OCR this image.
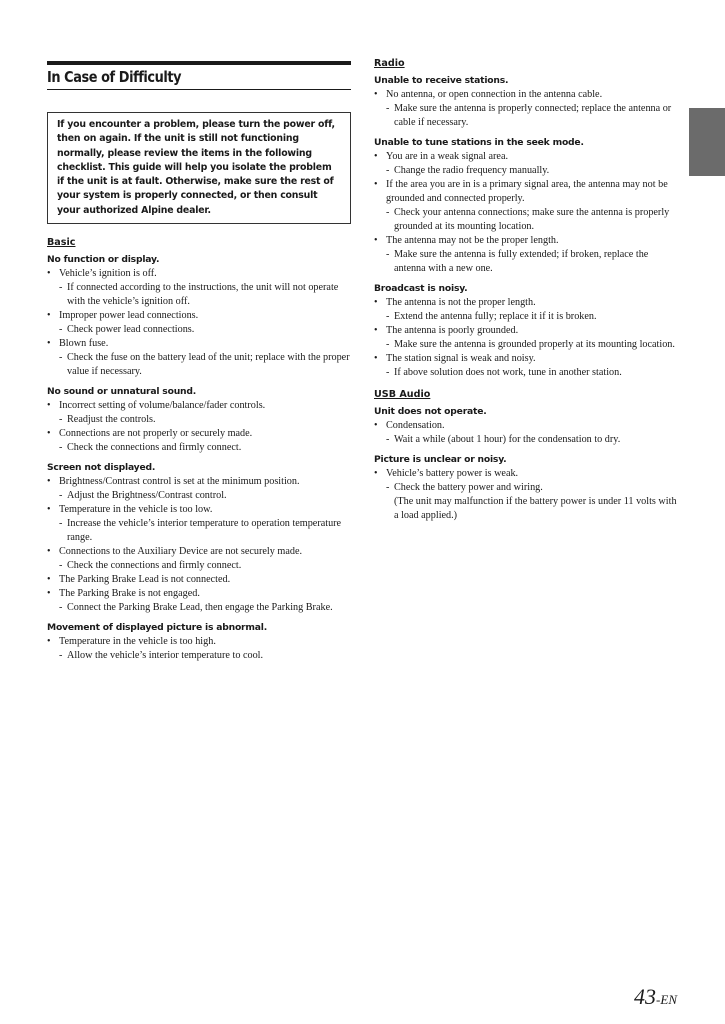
In Case of Difficulty

If you encounter a problem, please turn the power off, then on again. If the unit is still not functioning normally, please review the items in the following checklist. This guide will help you isolate the problem if the unit is at fault. Otherwise, make sure the rest of your system is properly connected, or then consult your authorized Alpine dealer.

Basic
No function or display.
• Vehicle’s ignition is off.
- If connected according to the instructions, the unit will not operate with the vehicle’s ignition off.
• Improper power lead connections.
- Check power lead connections.
• Blown fuse.
- Check the fuse on the battery lead of the unit; replace with the proper value if necessary.
No sound or unnatural sound.
• Incorrect setting of volume/balance/fader controls.
- Readjust the controls.
• Connections are not properly or securely made.
- Check the connections and firmly connect.
Screen not displayed.
• Brightness/Contrast control is set at the minimum position.
- Adjust the Brightness/Contrast control.
• Temperature in the vehicle is too low.
- Increase the vehicle’s interior temperature to operation temperature range.
• Connections to the Auxiliary Device are not securely made.
- Check the connections and firmly connect.
• The Parking Brake Lead is not connected.
• The Parking Brake is not engaged.
- Connect the Parking Brake Lead, then engage the Parking Brake.
Movement of displayed picture is abnormal.
• Temperature in the vehicle is too high.
- Allow the vehicle’s interior temperature to cool.
Radio
Unable to receive stations.
• No antenna, or open connection in the antenna cable.
- Make sure the antenna is properly connected; replace the antenna or cable if necessary.
Unable to tune stations in the seek mode.
• You are in a weak signal area.
- Change the radio frequency manually.
• If the area you are in is a primary signal area, the antenna may not be grounded and connected properly.
- Check your antenna connections; make sure the antenna is properly grounded at its mounting location.
• The antenna may not be the proper length.
- Make sure the antenna is fully extended; if broken, replace the antenna with a new one.
Broadcast is noisy.
• The antenna is not the proper length.
- Extend the antenna fully; replace it if it is broken.
• The antenna is poorly grounded.
- Make sure the antenna is grounded properly at its mounting location.
• The station signal is weak and noisy.
- If above solution does not work, tune in another station.
USB Audio
Unit does not operate.
• Condensation.
- Wait a while (about 1 hour) for the condensation to dry.
Picture is unclear or noisy.
• Vehicle’s battery power is weak.
- Check the battery power and wiring.
(The unit may malfunction if the battery power is under 11 volts with a load applied.)
43-EN
